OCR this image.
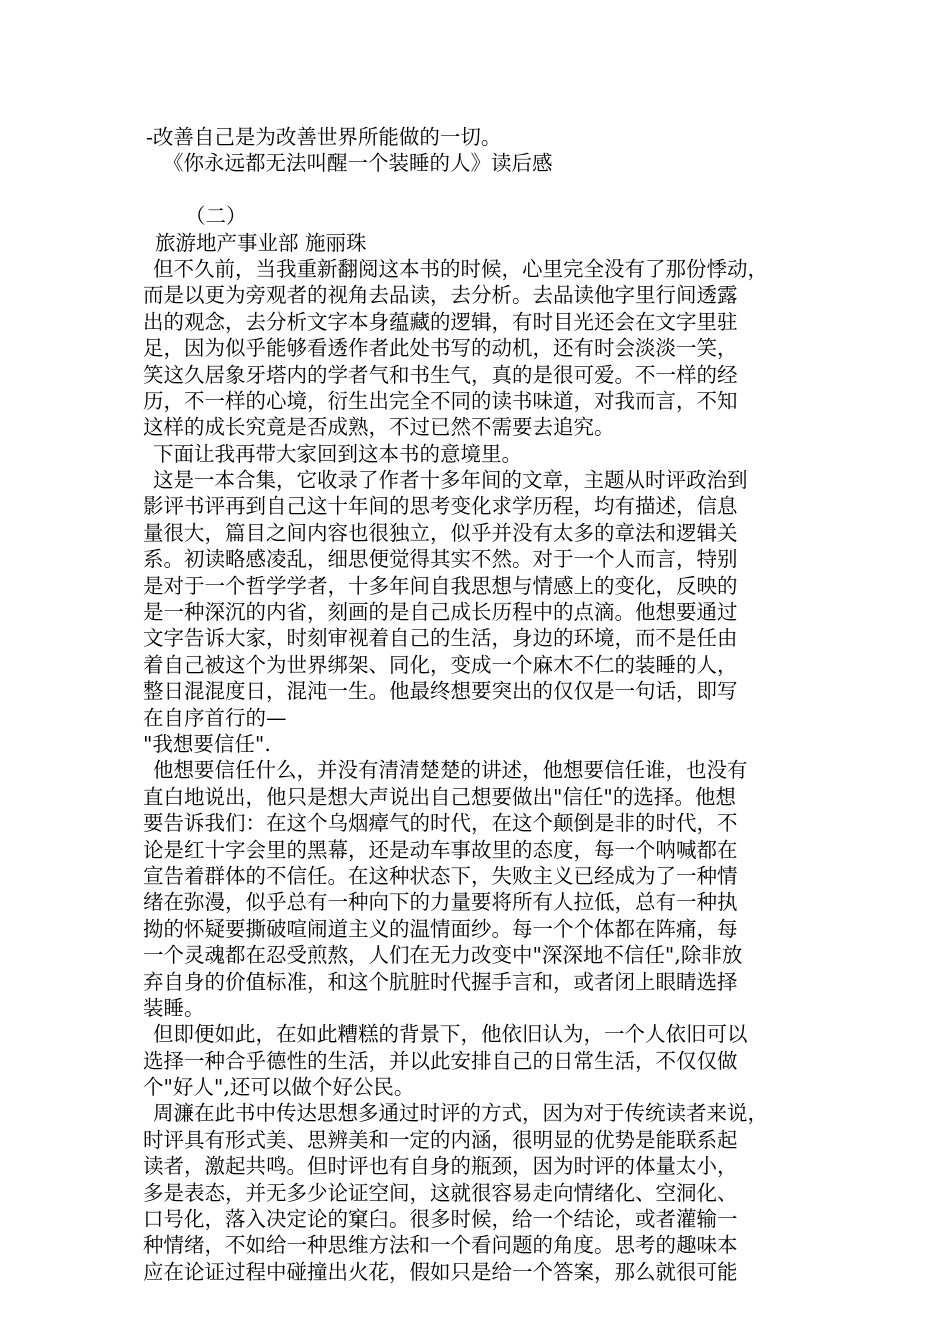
-改善自己是为改善世界所能做的一切。
《你永远都无法叫醒一个装睡的人》读后感
（二）
旅游地产事业部 施丽珠
但不久前，当我重新翻阅这本书的时候，心里完全没有了那份悸动，
而是以更为旁观者的视角去品读，去分析。去品读他字里行间透露
出的观念，去分析文字本身蕴藏的逻辑，有时目光还会在文字里驻
足，因为似乎能够看透作者此处书写的动机，还有时会淡淡一笑，
笑这久居象牙塔内的学者气和书生气，真的是很可爱。不一样的经
历，不一样的心境，衍生出完全不同的读书味道，对我而言，不知
这样的成长究竟是否成熟，不过已然不需要去追究。
下面让我再带大家回到这本书的意境里。
这是一本合集，它收录了作者十多年间的文章，主题从时评政治到
影评书评再到自己这十年间的思考变化求学历程，均有描述，信息
量很大，篇目之间内容也很独立，似乎并没有太多的章法和逻辑关
系。初读略感凌乱，细思便觉得其实不然。对于一个人而言，特别
是对于一个哲学学者，十多年间自我思想与情感上的变化，反映的
是一种深沉的内省，刻画的是自己成长历程中的点滴。他想要通过
文字告诉大家，时刻审视着自己的生活，身边的环境，而不是任由
着自己被这个为世界绑架、同化，变成一个麻木不仁的装睡的人，
整日混混度日，混沌一生。他最终想要突出的仅仅是一句话，即写
在自序首行的—
"我想要信任".
他想要信任什么，并没有清清楚楚的讲述，他想要信任谁，也没有
直白地说出，他只是想大声说出自己想要做出"信任"的选择。他想
要告诉我们：在这个乌烟瘴气的时代，在这个颠倒是非的时代，不
论是红十字会里的黑幕，还是动车事故里的态度，每一个呐喊都在
宣告着群体的不信任。在这种状态下，失败主义已经成为了一种情
绪在弥漫，似乎总有一种向下的力量要将所有人拉低，总有一种执
拗的怀疑要撕破喧闹道主义的温情面纱。每一个个体都在阵痛，每
一个灵魂都在忍受煎熬，人们在无力改变中"深深地不信任",除非放
弃自身的价值标准，和这个肮脏时代握手言和，或者闭上眼睛选择
装睡。
但即便如此，在如此糟糕的背景下，他依旧认为，一个人依旧可以
选择一种合乎德性的生活，并以此安排自己的日常生活，不仅仅做
个"好人",还可以做个好公民。
周濂在此书中传达思想多通过时评的方式，因为对于传统读者来说，
时评具有形式美、思辨美和一定的内涵，很明显的优势是能联系起
读者，激起共鸣。但时评也有自身的瓶颈，因为时评的体量太小，
多是表态，并无多少论证空间，这就很容易走向情绪化、空洞化、
口号化，落入决定论的窠臼。很多时候，给一个结论，或者灌输一
种情绪，不如给一种思维方法和一个看问题的角度。思考的趣味本
应在论证过程中碰撞出火花，假如只是给一个答案，那么就很可能
